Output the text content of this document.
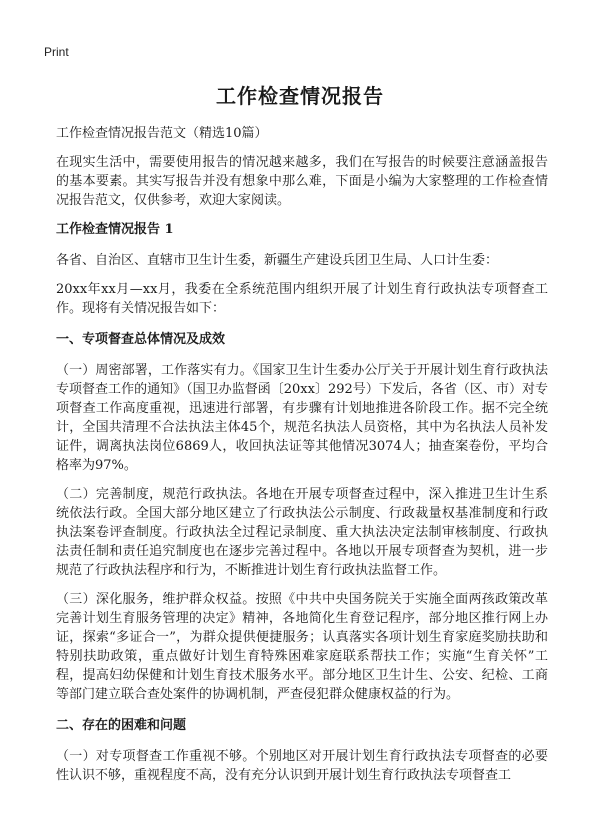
Print
工作检查情况报告

工作检查情况报告范文（精选10篇）

在现实生活中，需要使用报告的情况越来越多，我们在写报告的时候要注意涵盖报告的基本要素。其实写报告并没有想象中那么难，下面是小编为大家整理的工作检查情况报告范文，仅供参考，欢迎大家阅读。

工作检查情况报告 1

各省、自治区、直辖市卫生计生委，新疆生产建设兵团卫生局、人口计生委：

20xx年xx月—xx月，我委在全系统范围内组织开展了计划生育行政执法专项督查工作。现将有关情况报告如下：

一、专项督查总体情况及成效

（一）周密部署，工作落实有力。《国家卫生计生委办公厅关于开展计划生育行政执法专项督查工作的通知》（国卫办监督函〔20xx〕292号）下发后，各省（区、市）对专项督查工作高度重视，迅速进行部署，有步骤有计划地推进各阶段工作。据不完全统计，全国共清理不合法执法主体45个，规范名执法人员资格，其中为名执法人员补发证件，调离执法岗位6869人，收回执法证等其他情况3074人；抽查案卷份，平均合格率为97%。

（二）完善制度，规范行政执法。各地在开展专项督查过程中，深入推进卫生计生系统依法行政。全国大部分地区建立了行政执法公示制度、行政裁量权基准制度和行政执法案卷评查制度。行政执法全过程记录制度、重大执法决定法制审核制度、行政执法责任制和责任追究制度也在逐步完善过程中。各地以开展专项督查为契机，进一步规范了行政执法程序和行为，不断推进计划生育行政执法监督工作。

（三）深化服务，维护群众权益。按照《中共中央国务院关于实施全面两孩政策改革完善计划生育服务管理的决定》精神，各地简化生育登记程序，部分地区推行网上办证，探索“多证合一”，为群众提供便捷服务；认真落实各项计划生育家庭奖励扶助和特别扶助政策，重点做好计划生育特殊困难家庭联系帮扶工作；实施“生育关怀”工程，提高妇幼保健和计划生育技术服务水平。部分地区卫生计生、公安、纪检、工商等部门建立联合查处案件的协调机制，严查侵犯群众健康权益的行为。

二、存在的困难和问题

（一）对专项督查工作重视不够。个别地区对开展计划生育行政执法专项督查的必要性认识不够，重视程度不高，没有充分认识到开展计划生育行政执法专项督查工
